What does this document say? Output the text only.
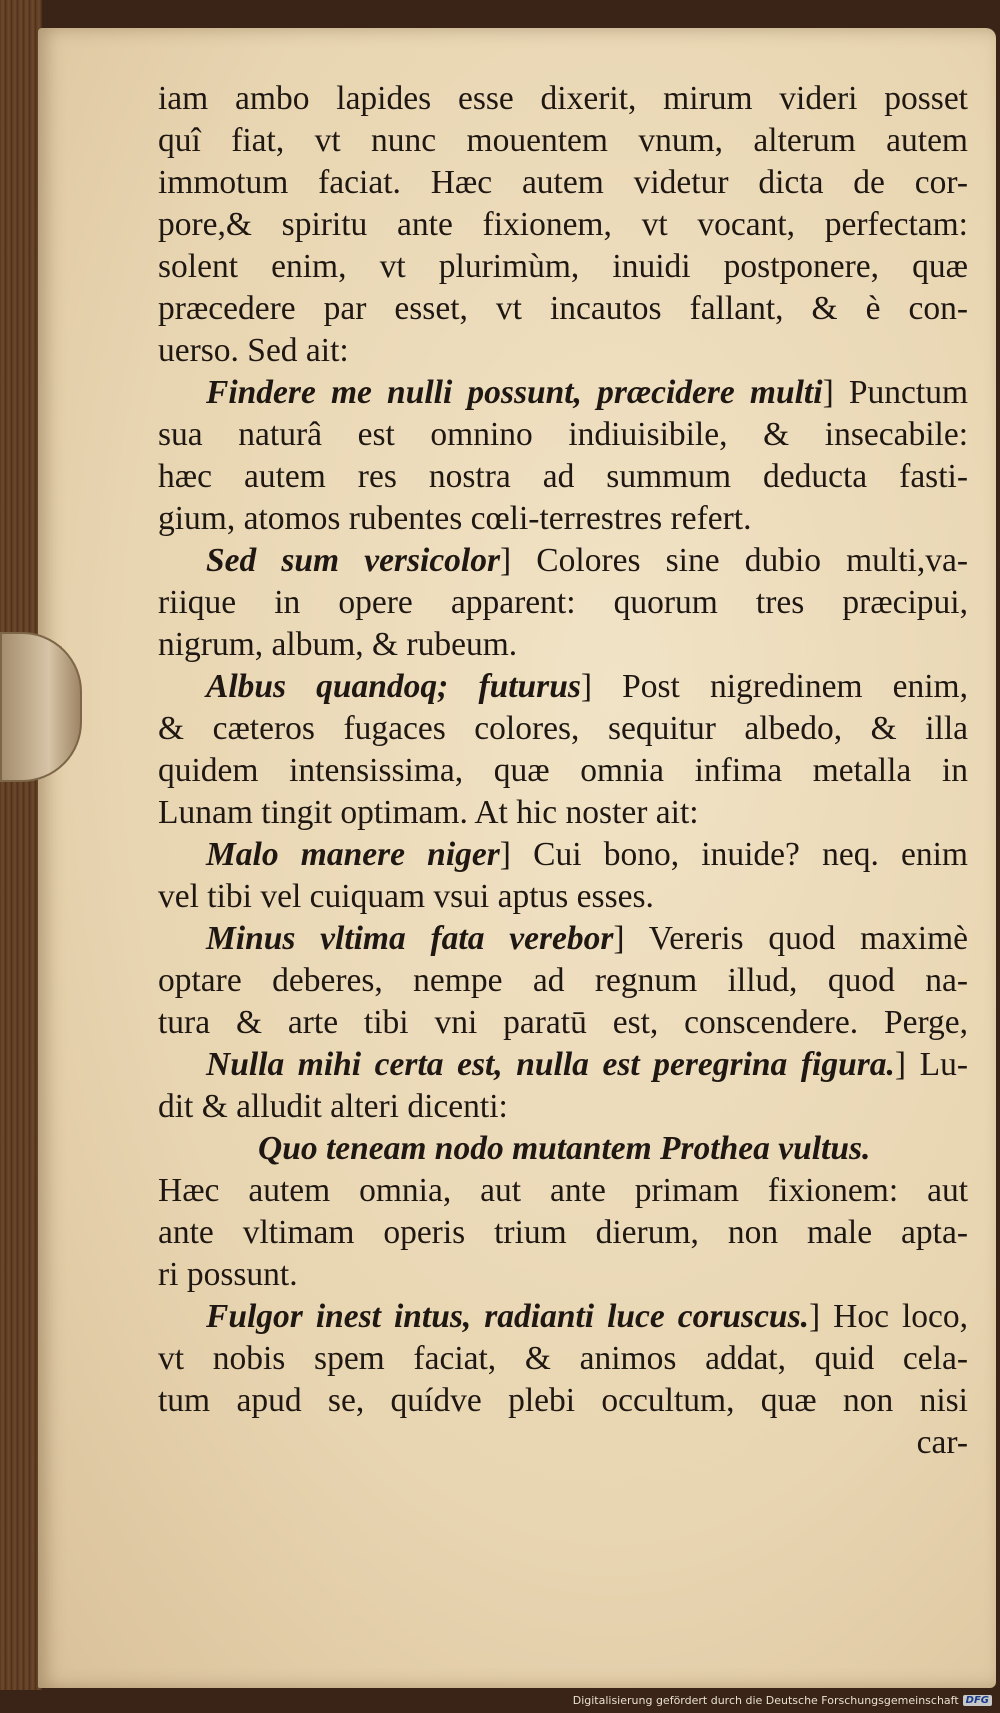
iam ambo lapides esse dixerit, mirum videri posset
quî fiat, vt nunc mouentem vnum, alterum autem
immotum faciat. Hæc autem videtur dicta de cor-
pore,& spiritu ante fixionem, vt vocant, perfectam:
solent enim, vt plurimùm, inuidi postponere, quæ
præcedere par esset, vt incautos fallant, & è con-
uerso. Sed ait:
Findere me nulli possunt, præcidere multi] Punctum
sua naturâ est omnino indiuisibile, & insecabile:
hæc autem res nostra ad summum deducta fasti-
gium, atomos rubentes cœli-terrestres refert.
Sed sum versicolor] Colores sine dubio multi,va-
riique in opere apparent: quorum tres præcipui,
nigrum, album, & rubeum.
Albus quandoq; futurus] Post nigredinem enim,
& cæteros fugaces colores, sequitur albedo, & illa
quidem intensissima, quæ omnia infima metalla in
Lunam tingit optimam. At hic noster ait:
Malo manere niger] Cui bono, inuide? neq. enim
vel tibi vel cuiquam vsui aptus esses.
Minus vltima fata verebor] Vereris quod maximè
optare deberes, nempe ad regnum illud, quod na-
tura & arte tibi vni paratū est, conscendere. Perge,
Nulla mihi certa est, nulla est peregrina figura.] Lu-
dit & alludit alteri dicenti:
Quo teneam nodo mutantem Prothea vultus.
Hæc autem omnia, aut ante primam fixionem: aut
ante vltimam operis trium dierum, non male apta-
ri possunt.
Fulgor inest intus, radianti luce coruscus.] Hoc loco,
vt nobis spem faciat, & animos addat, quid cela-
tum apud se, quídve plebi occultum, quæ non nisi
car-
Digitalisierung gefördert durch die Deutsche Forschungsgemeinschaft DFG
